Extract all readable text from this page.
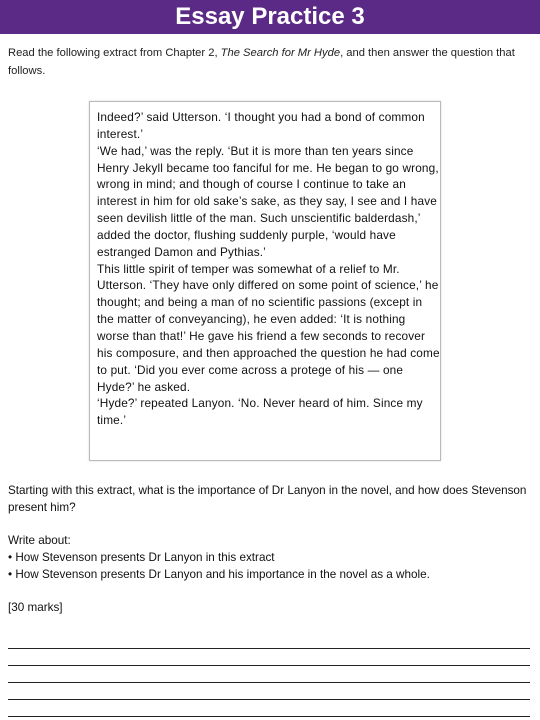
Essay Practice 3
Read the following extract from Chapter 2, The Search for Mr Hyde, and then answer the question that follows.

Indeed?’ said Utterson. ‘I thought you had a bond of common interest.’

‘We had,’ was the reply. ‘But it is more than ten years since Henry Jekyll became too fanciful for me. He began to go wrong, wrong in mind; and though of course I continue to take an interest in him for old sake’s sake, as they say, I see and I have seen devilish little of the man. Such unscientific balderdash,’ added the doctor, flushing suddenly purple, ‘would have estranged Damon and Pythias.’

This little spirit of temper was somewhat of a relief to Mr. Utterson. ‘They have only differed on some point of science,’ he thought; and being a man of no scientific passions (except in the matter of conveyancing), he even added: ‘It is nothing worse than that!’ He gave his friend a few seconds to recover his composure, and then approached the question he had come to put. ‘Did you ever come across a protege of his — one Hyde?’ he asked.

‘Hyde?’ repeated Lanyon. ‘No. Never heard of him. Since my time.’

Starting with this extract, what is the importance of Dr Lanyon in the novel, and how does Stevenson present him?
Write about:
• How Stevenson presents Dr Lanyon in this extract
• How Stevenson presents Dr Lanyon and his importance in the novel as a whole.
[30 marks]
